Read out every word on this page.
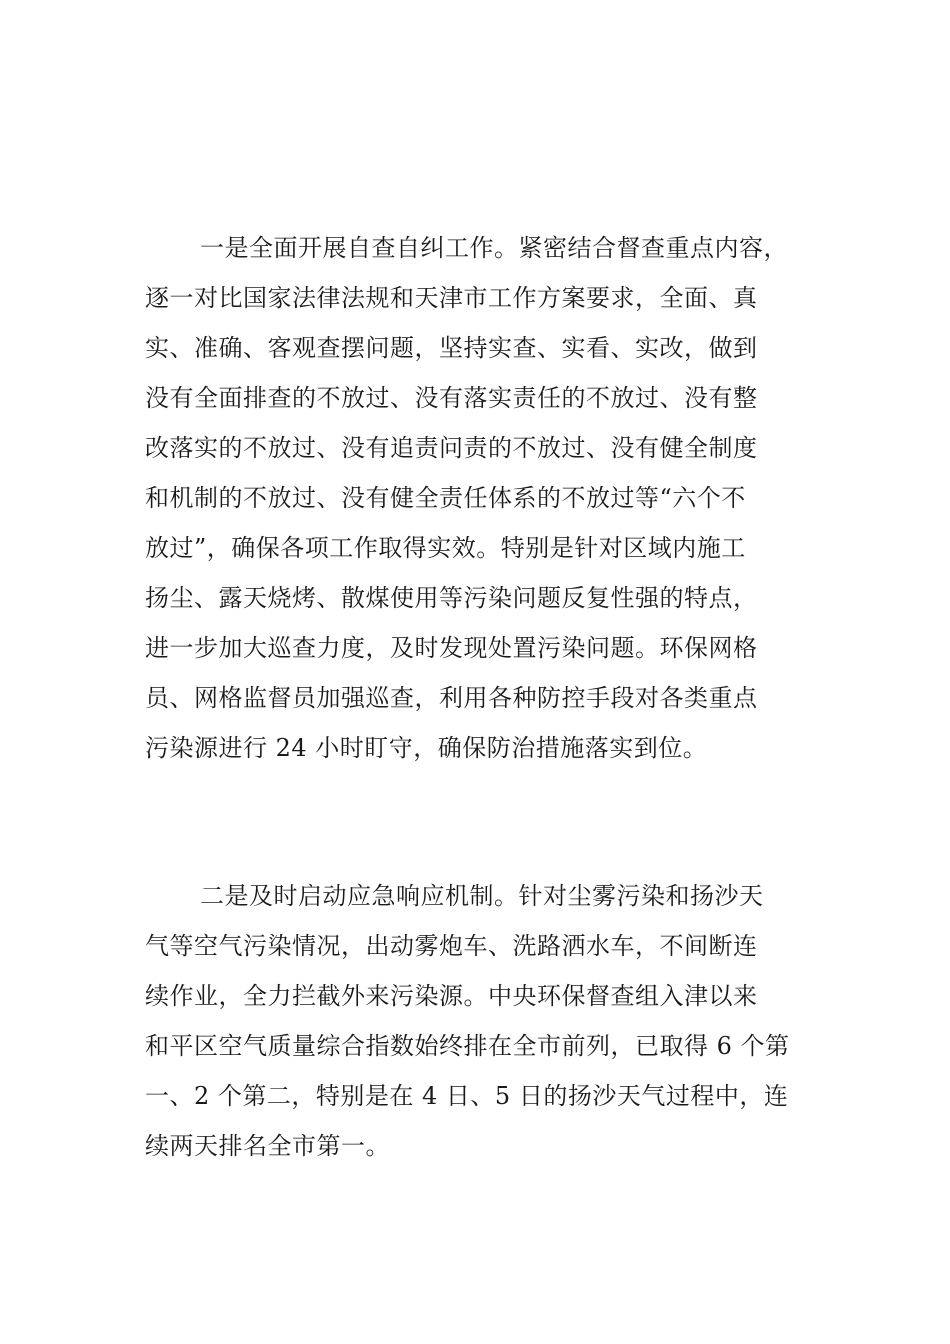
一是全面开展自查自纠工作。紧密结合督查重点内容，
逐一对比国家法律法规和天津市工作方案要求，全面、真
实、准确、客观查摆问题，坚持实查、实看、实改，做到
没有全面排查的不放过、没有落实责任的不放过、没有整
改落实的不放过、没有追责问责的不放过、没有健全制度
和机制的不放过、没有健全责任体系的不放过等“六个不
放过”，确保各项工作取得实效。特别是针对区域内施工
扬尘、露天烧烤、散煤使用等污染问题反复性强的特点，
进一步加大巡查力度，及时发现处置污染问题。环保网格
员、网格监督员加强巡查，利用各种防控手段对各类重点
污染源进行 24 小时盯守，确保防治措施落实到位。
二是及时启动应急响应机制。针对尘雾污染和扬沙天
气等空气污染情况，出动雾炮车、洗路洒水车，不间断连
续作业，全力拦截外来污染源。中央环保督查组入津以来
和平区空气质量综合指数始终排在全市前列，已取得 6 个第
一、2 个第二，特别是在 4 日、5 日的扬沙天气过程中，连
续两天排名全市第一。
